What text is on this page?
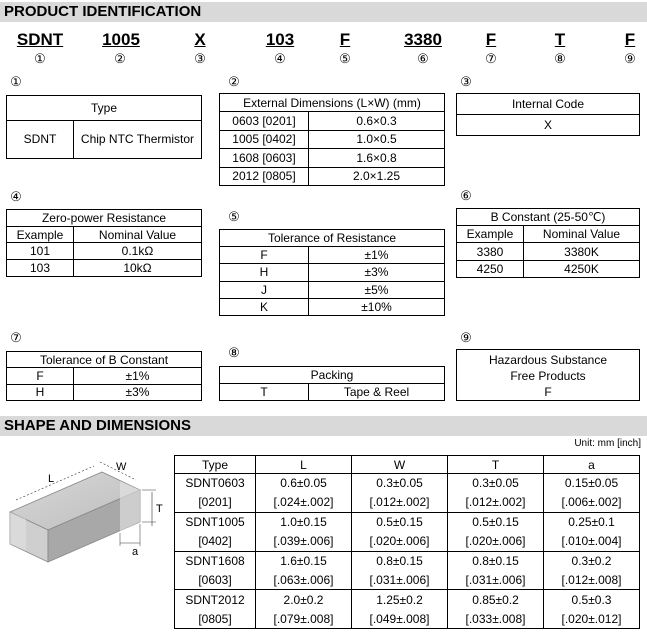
PRODUCT IDENTIFICATION
SDNT	1005	X	103	F	3380	F	T	F
①	②	③	④	⑤	⑥	⑦	⑧	⑨
①
Type
SDNT	Chip NTC Thermistor
②
External Dimensions (L×W) (mm)	
0603 [0201]	0.6×0.3
1005 [0402]	1.0×0.5
1608 [0603]	1.6×0.8
2012 [0805]	2.0×1.25
③
Internal Code
X
④
Zero-power Resistance	
Example	Nominal Value
101	0.1kΩ
103	10kΩ
⑤
Tolerance of Resistance	
F	±1%
H	±3%
J	±5%
K	±10%
⑥
B Constant (25-50℃)	
Example	Nominal Value
3380	3380K
4250	4250K
⑦
Tolerance of B Constant	
F	±1%
H	±3%
⑧
Packing
T	Tape & Reel
⑨
Hazardous Substance
Free Products
F
SHAPE AND DIMENSIONS
Unit: mm [inch]
L
W
T
a
Type	L	W	T	a
SDNT0603	0.6±0.05	0.3±0.05	0.3±0.05	0.15±0.05
[0201]	[.024±.002]	[.012±.002]	[.012±.002]	[.006±.002]
SDNT1005	1.0±0.15	0.5±0.15	0.5±0.15	0.25±0.1
[0402]	[.039±.006]	[.020±.006]	[.020±.006]	[.010±.004]
SDNT1608	1.6±0.15	0.8±0.15	0.8±0.15	0.3±0.2
[0603]	[.063±.006]	[.031±.006]	[.031±.006]	[.012±.008]
SDNT2012	2.0±0.2	1.25±0.2	0.85±0.2	0.5±0.3
[0805]	[.079±.008]	[.049±.008]	[.033±.008]	[.020±.012]
